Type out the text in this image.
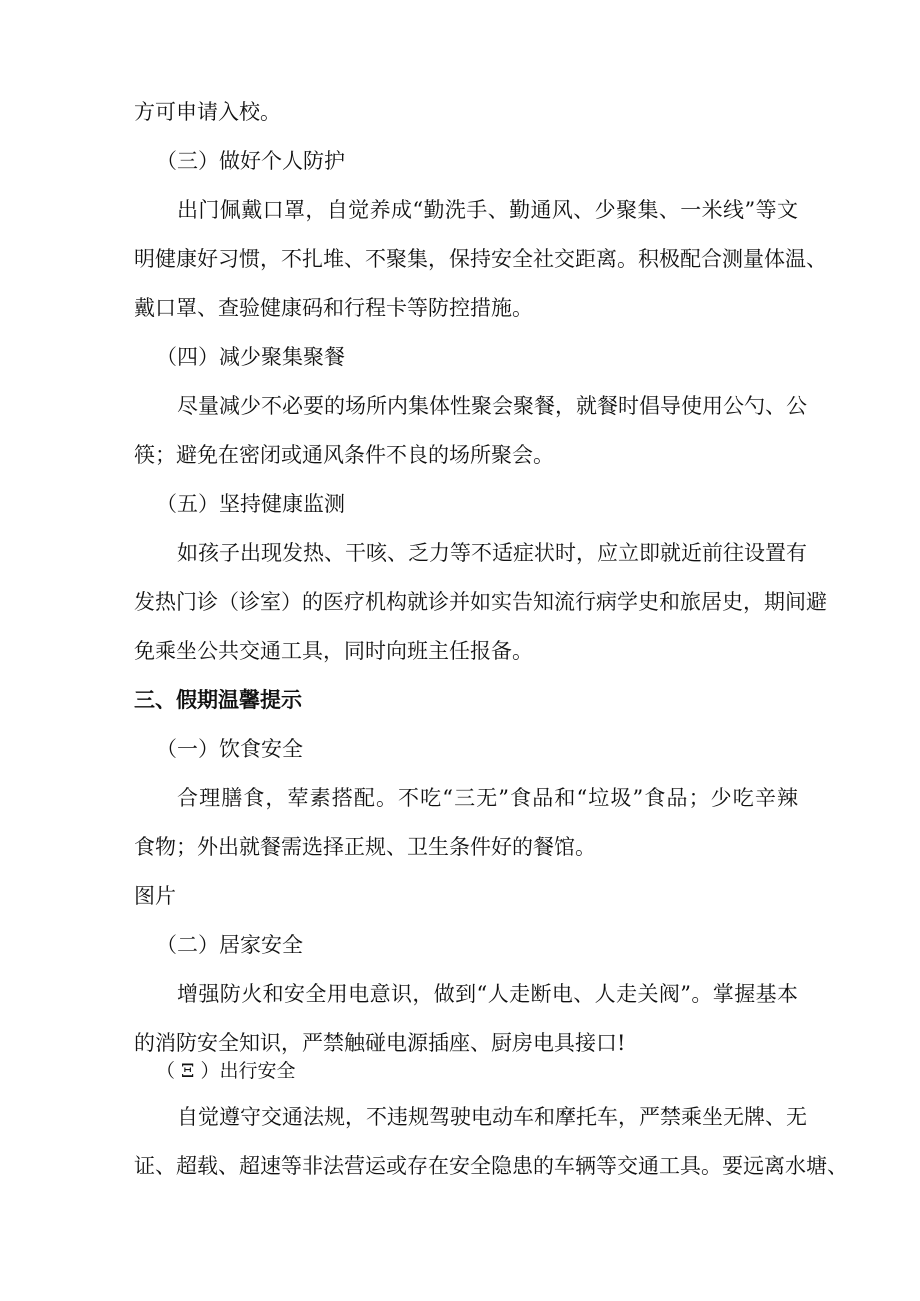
方可申请入校。

（三）做好个人防护

出门佩戴口罩，自觉养成“勤洗手、勤通风、少聚集、一米线”等文

明健康好习惯，不扎堆、不聚集，保持安全社交距离。积极配合测量体温、

戴口罩、查验健康码和行程卡等防控措施。

（四）减少聚集聚餐

尽量减少不必要的场所内集体性聚会聚餐，就餐时倡导使用公勺、公

筷；避免在密闭或通风条件不良的场所聚会。

（五）坚持健康监测

如孩子出现发热、干咳、乏力等不适症状时，应立即就近前往设置有

发热门诊（诊室）的医疗机构就诊并如实告知流行病学史和旅居史，期间避

免乘坐公共交通工具，同时向班主任报备。

三、假期温馨提示

（一）饮食安全

合理膳食，荤素搭配。不吃“三无”食品和“垃圾”食品；少吃辛辣

食物；外出就餐需选择正规、卫生条件好的餐馆。

图片

（二）居家安全

增强防火和安全用电意识，做到“人走断电、人走关阀”。掌握基本

的消防安全知识，严禁触碰电源插座、厨房电具接口!

（ Ξ ）出行安全

自觉遵守交通法规，不违规驾驶电动车和摩托车，严禁乘坐无牌、无

证、超载、超速等非法营运或存在安全隐患的车辆等交通工具。要远离水塘、
